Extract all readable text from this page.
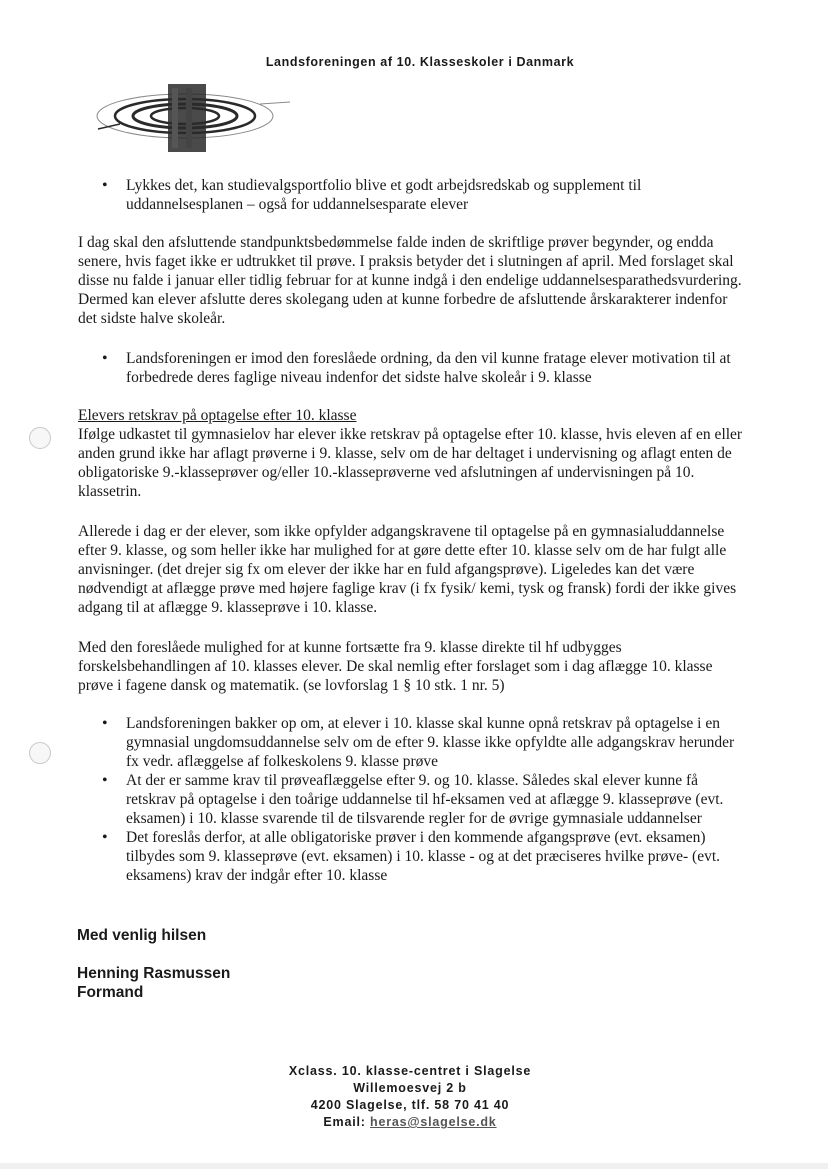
Landsforeningen af 10. Klasseskoler i Danmark
• Lykkes det, kan studievalgsportfolio blive et godt arbejdsredskab og supplement til uddannelsesplanen – også for uddannelsesparate elever
I dag skal den afsluttende standpunktsbedømmelse falde inden de skriftlige prøver begynder, og endda senere, hvis faget ikke er udtrukket til prøve. I praksis betyder det i slutningen af april. Med forslaget skal disse nu falde i januar eller tidlig februar for at kunne indgå i den endelige uddannelsesparathedsvurdering. Dermed kan elever afslutte deres skolegang uden at kunne forbedre de afsluttende årskarakterer indenfor det sidste halve skoleår.
• Landsforeningen er imod den foreslåede ordning, da den vil kunne fratage elever motivation til at forbedrede deres faglige niveau indenfor det sidste halve skoleår i 9. klasse
Elevers retskrav på optagelse efter 10. klasse
Ifølge udkastet til gymnasielov har elever ikke retskrav på optagelse efter 10. klasse, hvis eleven af en eller anden grund ikke har aflagt prøverne i 9. klasse, selv om de har deltaget i undervisning og aflagt enten de obligatoriske 9.-klasseprøver og/eller 10.-klasseprøverne ved afslutningen af undervisningen på 10. klassetrin.
Allerede i dag er der elever, som ikke opfylder adgangskravene til optagelse på en gymnasialuddannelse efter 9. klasse, og som heller ikke har mulighed for at gøre dette efter 10. klasse selv om de har fulgt alle anvisninger. (det drejer sig fx om elever der ikke har en fuld afgangsprøve). Ligeledes kan det være nødvendigt at aflægge prøve med højere faglige krav (i fx fysik/ kemi, tysk og fransk) fordi der ikke gives adgang til at aflægge 9. klasseprøve i 10. klasse.
Med den foreslåede mulighed for at kunne fortsætte fra 9. klasse direkte til hf udbygges forskelsbehandlingen af 10. klasses elever. De skal nemlig efter forslaget som i dag aflægge 10. klasse prøve i fagene dansk og matematik. (se lovforslag 1 § 10 stk. 1 nr. 5)
• Landsforeningen bakker op om, at elever i 10. klasse skal kunne opnå retskrav på optagelse i en gymnasial ungdomsuddannelse selv om de efter 9. klasse ikke opfyldte alle adgangskrav herunder fx vedr. aflæggelse af folkeskolens 9. klasse prøve
• At der er samme krav til prøveaflæggelse efter 9. og 10. klasse. Således skal elever kunne få retskrav på optagelse i den toårige uddannelse til hf-eksamen ved at aflægge 9. klasseprøve (evt. eksamen) i 10. klasse svarende til de tilsvarende regler for de øvrige gymnasiale uddannelser
• Det foreslås derfor, at alle obligatoriske prøver i den kommende afgangsprøve (evt. eksamen) tilbydes som 9. klasseprøve (evt. eksamen) i 10. klasse - og at det præciseres hvilke prøve- (evt. eksamens) krav der indgår efter 10. klasse
Med venlig hilsen
Henning Rasmussen
Formand
Xclass. 10. klasse-centret i Slagelse
Willemoesvej 2 b
4200 Slagelse, tlf. 58 70 41 40
Email: heras@slagelse.dk
